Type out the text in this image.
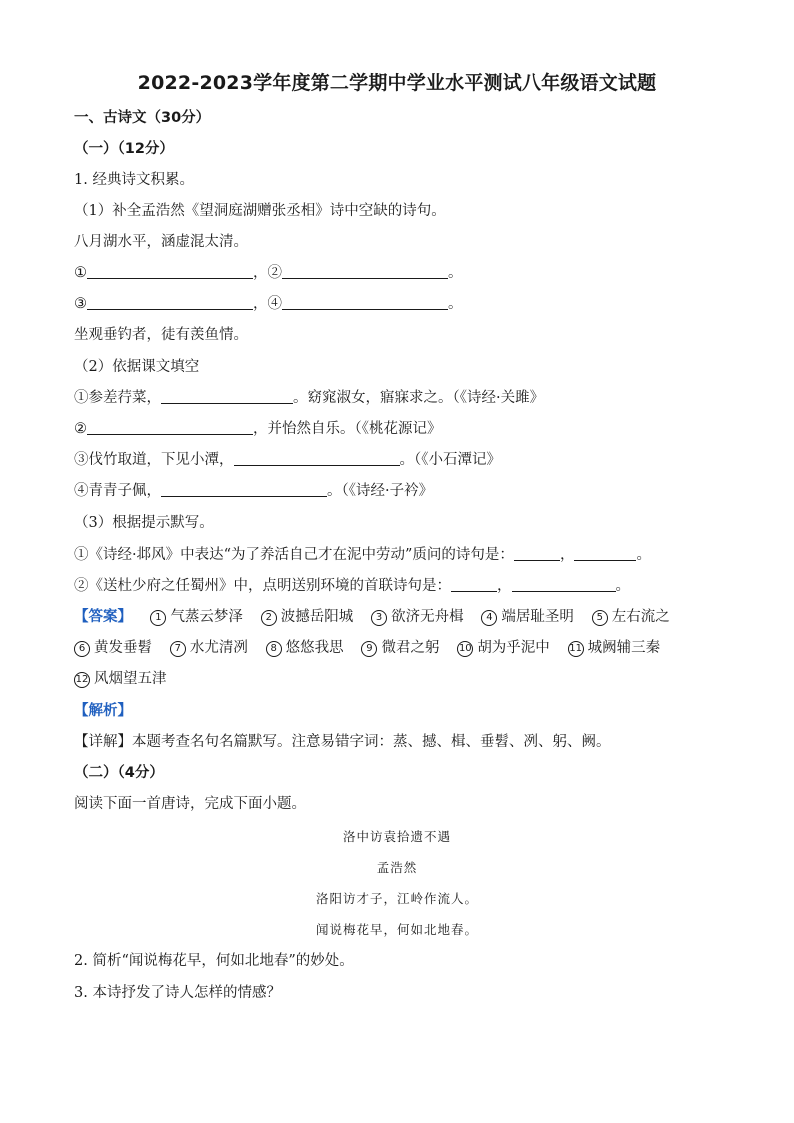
2022-2023学年度第二学期中学业水平测试八年级语文试题
一、古诗文（30分）
（一）（12分）
1. 经典诗文积累。
（1）补全孟浩然《望洞庭湖赠张丞相》诗中空缺的诗句。
八月湖水平，涵虚混太清。
①	，②	。
③	，④	。
坐观垂钓者，徒有羡鱼情。
（2）依据课文填空
①参差荇菜，	。窈窕淑女，寤寐求之。（《诗经·关雎》
②	，并怡然自乐。（《桃花源记》
③伐竹取道，下见小潭，	。（《小石潭记》
④青青子佩，	。（《诗经·子衿》
（3）根据提示默写。
①《诗经·邶风》中表达“为了养活自己才在泥中劳动”质问的诗句是：	，	。
②《送杜少府之任蜀州》中，点明送别环境的首联诗句是：	，	。
【答案】 1 气蒸云梦泽 2 波撼岳阳城 3 欲济无舟楫 4 端居耻圣明 5 左右流之   6 黄发垂髫 7 水尤清冽 8 悠悠我思 9 微君之躬 10 胡为乎泥中 11 城阙辅三秦   12 风烟望五津
【解析】
【详解】本题考查名句名篇默写。注意易错字词：蒸、撼、楫、垂髫、冽、躬、阙。
（二）（4分）
阅读下面一首唐诗，完成下面小题。
洛中访袁拾遗不遇
孟浩然
洛阳访才子，江岭作流人。
闻说梅花早，何如北地春。
2. 简析“闻说梅花早，何如北地春”的妙处。
3. 本诗抒发了诗人怎样的情感？
